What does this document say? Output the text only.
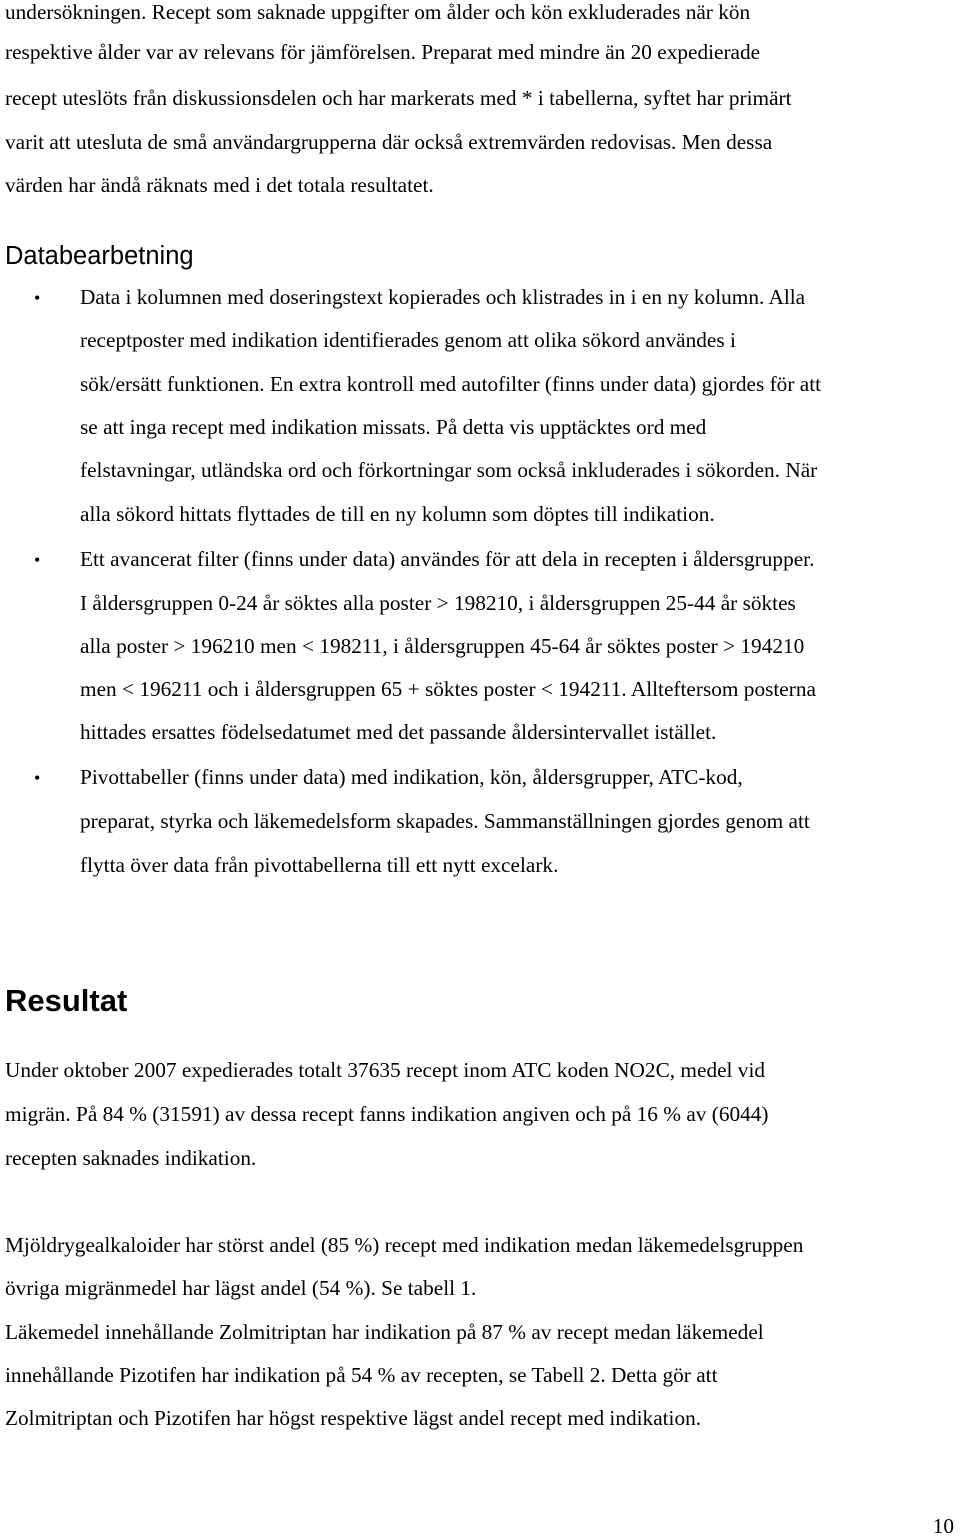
undersökningen. Recept som saknade uppgifter om ålder och kön exkluderades när kön
respektive ålder var av relevans för jämförelsen. Preparat med mindre än 20 expedierade
recept uteslöts från diskussionsdelen och har markerats med * i tabellerna, syftet har primärt
varit att utesluta de små användargrupperna där också extremvärden redovisas. Men dessa
värden har ändå räknats med i det totala resultatet.
Databearbetning
• Data i kolumnen med doseringstext kopierades och klistrades in i en ny kolumn. Alla
receptposter med indikation identifierades genom att olika sökord användes i
sök/ersätt funktionen. En extra kontroll med autofilter (finns under data) gjordes för att
se att inga recept med indikation missats. På detta vis upptäcktes ord med
felstavningar, utländska ord och förkortningar som också inkluderades i sökorden. När
alla sökord hittats flyttades de till en ny kolumn som döptes till indikation.
• Ett avancerat filter (finns under data) användes för att dela in recepten i åldersgrupper.
I åldersgruppen 0-24 år söktes alla poster > 198210, i åldersgruppen 25-44 år söktes
alla poster > 196210 men < 198211, i åldersgruppen 45-64 år söktes poster > 194210
men < 196211 och i åldersgruppen 65 + söktes poster < 194211. Allteftersom posterna
hittades ersattes födelsedatumet med det passande åldersintervallet istället.
• Pivottabeller (finns under data) med indikation, kön, åldersgrupper, ATC-kod,
preparat, styrka och läkemedelsform skapades. Sammanställningen gjordes genom att
flytta över data från pivottabellerna till ett nytt excelark.
Resultat
Under oktober 2007 expedierades totalt 37635 recept inom ATC koden NO2C, medel vid
migrän. På 84 % (31591) av dessa recept fanns indikation angiven och på 16 % av (6044)
recepten saknades indikation.
Mjöldrygealkaloider har störst andel (85 %) recept med indikation medan läkemedelsgruppen
övriga migränmedel har lägst andel (54 %). Se tabell 1.
Läkemedel innehållande Zolmitriptan har indikation på 87 % av recept medan läkemedel
innehållande Pizotifen har indikation på 54 % av recepten, se Tabell 2. Detta gör att
Zolmitriptan och Pizotifen har högst respektive lägst andel recept med indikation.
10
